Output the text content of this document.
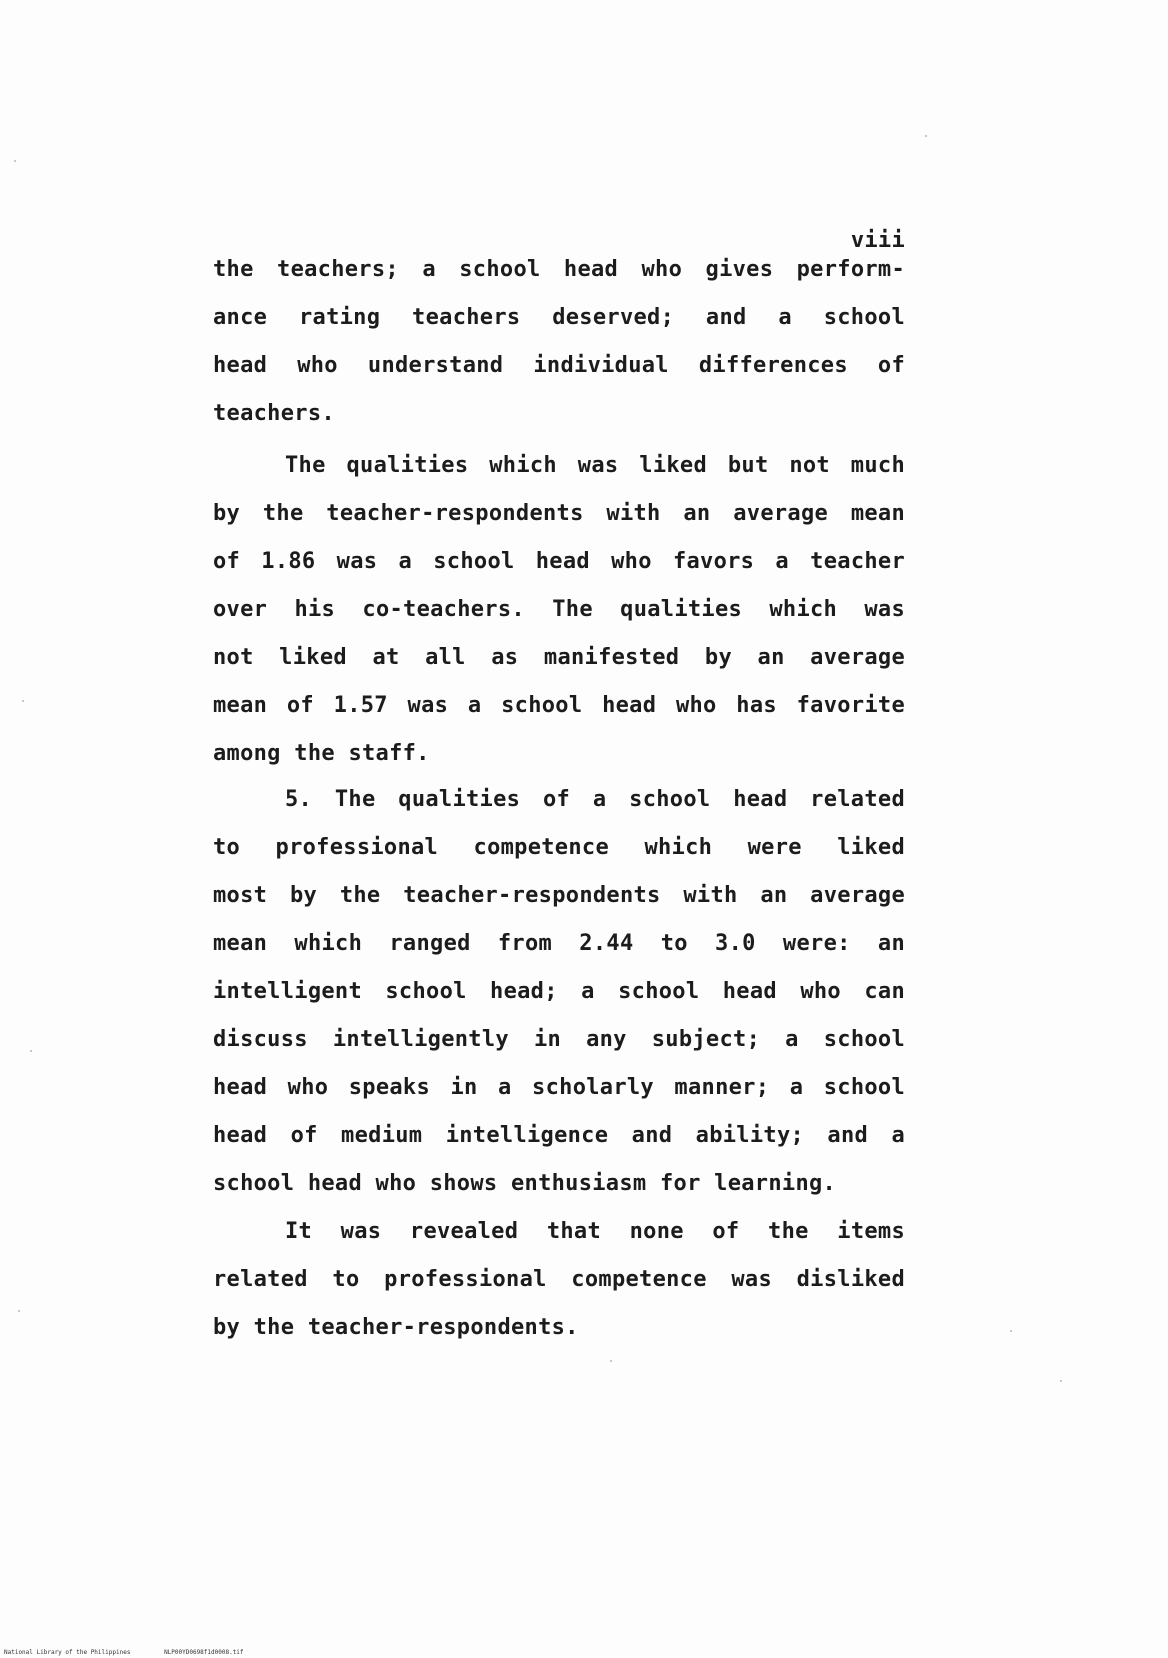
viii
the teachers; a school head who gives perform-
ance rating teachers deserved; and a school
head who understand individual differences of
teachers.
The qualities which was liked but not much
by the teacher-respondents with an average mean
of 1.86 was a school head who favors a teacher
over his co-teachers. The qualities which was
not liked at all as manifested by an average
mean of 1.57 was a school head who has favorite
among the staff.
5. The qualities of a school head related
to professional competence which were liked
most by the teacher-respondents with an average
mean which ranged from 2.44 to 3.0 were: an
intelligent school head; a school head who can
discuss intelligently in any subject; a school
head who speaks in a scholarly manner; a school
head of medium intelligence and ability; and a
school head who shows enthusiasm for learning.
It was revealed that none of the items
related to professional competence was disliked
by the teacher-respondents.
National Library of the Philippines	NLP00YD0698f1d0008.tif
